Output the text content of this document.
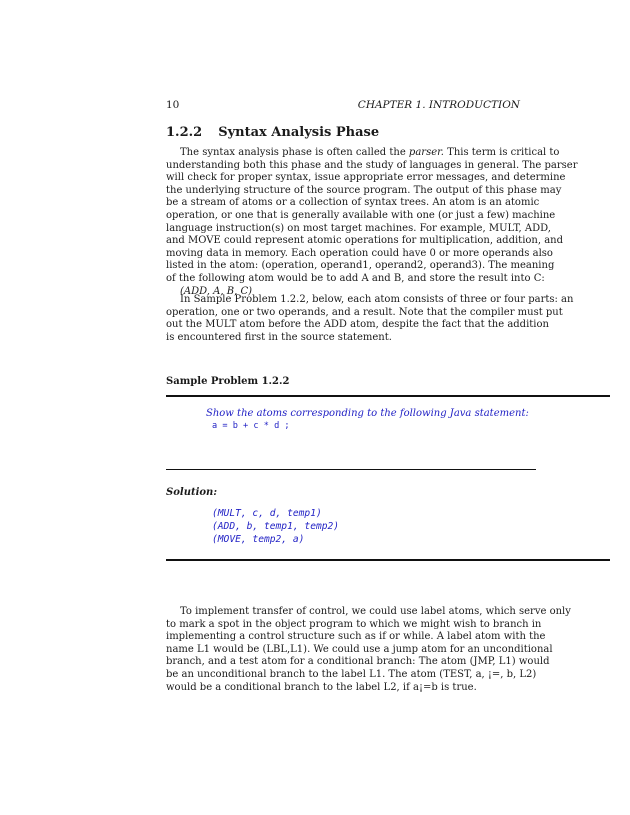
10	CHAPTER 1. INTRODUCTION
1.2.2 Syntax Analysis Phase
The syntax analysis phase is often called the parser. This term is critical to
understanding both this phase and the study of languages in general. The parser
will check for proper syntax, issue appropriate error messages, and determine
the underlying structure of the source program. The output of this phase may
be a stream of atoms or a collection of syntax trees. An atom is an atomic
operation, or one that is generally available with one (or just a few) machine
language instruction(s) on most target machines. For example, MULT, ADD,
and MOVE could represent atomic operations for multiplication, addition, and
moving data in memory. Each operation could have 0 or more operands also
listed in the atom: (operation, operand1, operand2, operand3). The meaning
of the following atom would be to add A and B, and store the result into C:
(ADD, A, B, C)
In Sample Problem 1.2.2, below, each atom consists of three or four parts: an
operation, one or two operands, and a result. Note that the compiler must put
out the MULT atom before the ADD atom, despite the fact that the addition
is encountered first in the source statement.
Sample Problem 1.2.2
Show the atoms corresponding to the following Java statement:
a = b + c * d ;
Solution:
(MULT, c, d, temp1)
(ADD, b, temp1, temp2)
(MOVE, temp2, a)
To implement transfer of control, we could use label atoms, which serve only
to mark a spot in the object program to which we might wish to branch in
implementing a control structure such as if or while. A label atom with the
name L1 would be (LBL,L1). We could use a jump atom for an unconditional
branch, and a test atom for a conditional branch: The atom (JMP, L1) would
be an unconditional branch to the label L1. The atom (TEST, a, ¡=, b, L2)
would be a conditional branch to the label L2, if a¡=b is true.
